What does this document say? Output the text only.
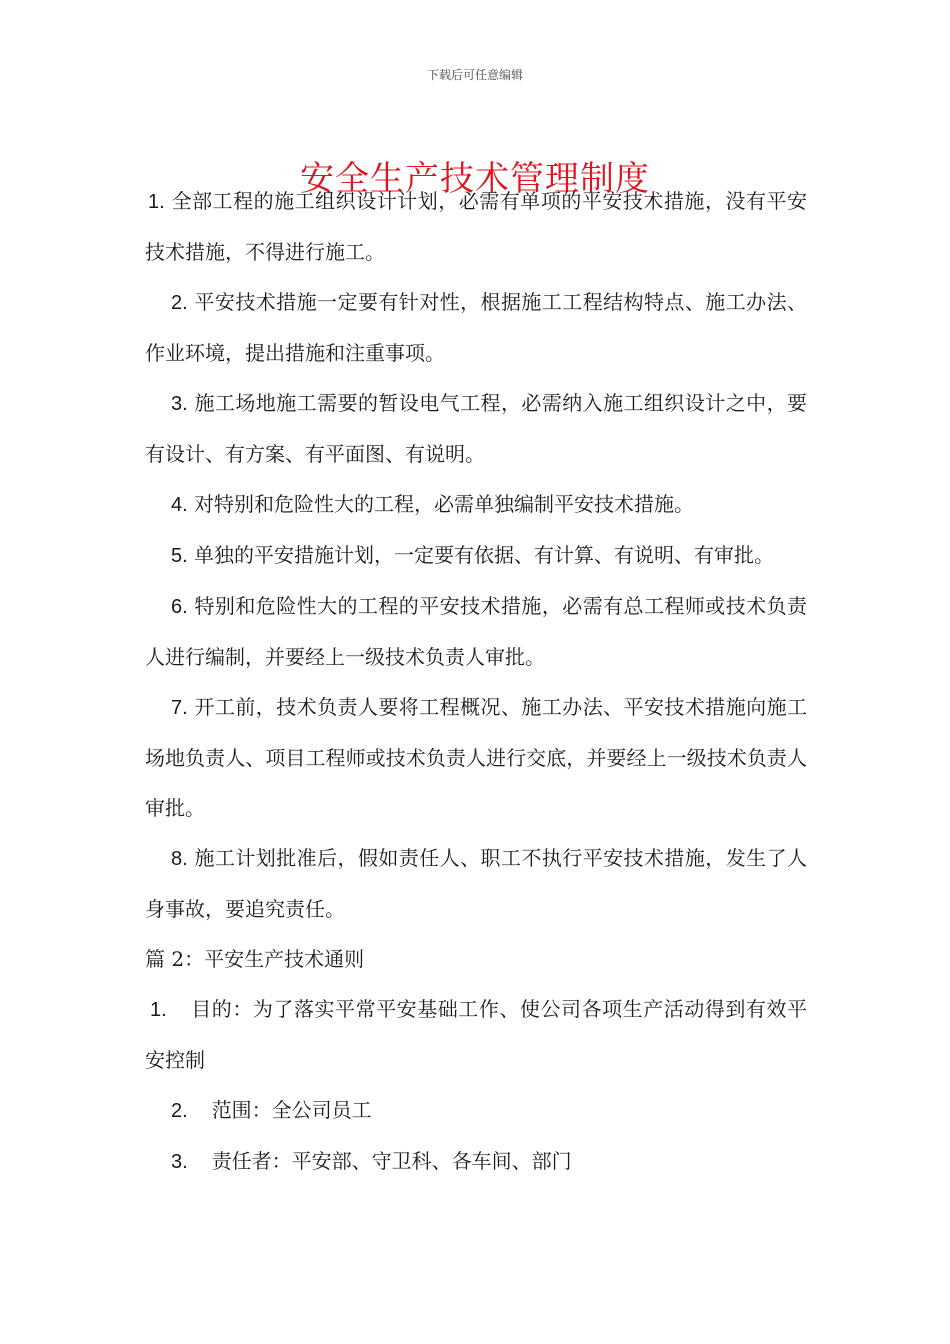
下载后可任意编辑
安全生产技术管理制度

1. 全部工程的施工组织设计计划，必需有单项的平安技术措施，没有平安技术措施，不得进行施工。

2. 平安技术措施一定要有针对性，根据施工工程结构特点、施工办法、作业环境，提出措施和注重事项。

3. 施工场地施工需要的暂设电气工程，必需纳入施工组织设计之中，要有设计、有方案、有平面图、有说明。

4. 对特别和危险性大的工程，必需单独编制平安技术措施。

5. 单独的平安措施计划，一定要有依据、有计算、有说明、有审批。

6. 特别和危险性大的工程的平安技术措施，必需有总工程师或技术负责人进行编制，并要经上一级技术负责人审批。

7. 开工前，技术负责人要将工程概况、施工办法、平安技术措施向施工场地负责人、项目工程师或技术负责人进行交底，并要经上一级技术负责人审批。

8. 施工计划批准后，假如责任人、职工不执行平安技术措施，发生了人身事故，要追究责任。

篇 2：平安生产技术通则

1. 目的：为了落实平常平安基础工作、使公司各项生产活动得到有效平安控制

2. 范围：全公司员工

3. 责任者：平安部、守卫科、各车间、部门
